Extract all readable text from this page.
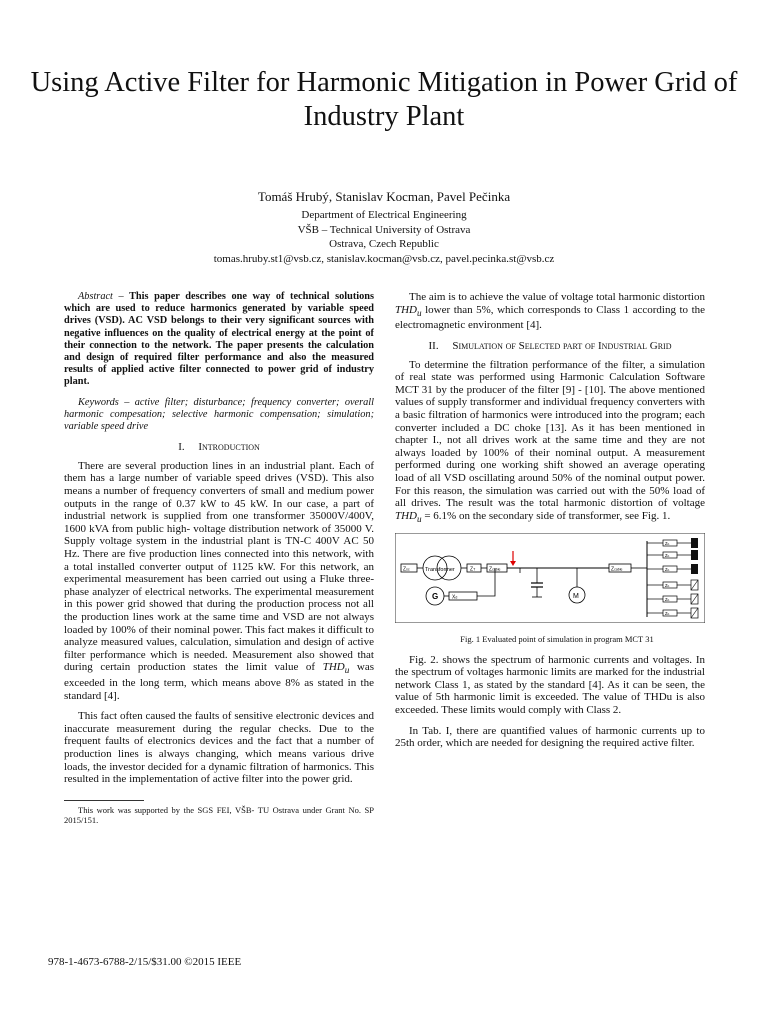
Using Active Filter for Harmonic Mitigation in Power Grid of Industry Plant
Tomáš Hrubý, Stanislav Kocman, Pavel Pečinka
Department of Electrical Engineering
VŠB – Technical University of Ostrava
Ostrava, Czech Republic
tomas.hruby.st1@vsb.cz, stanislav.kocman@vsb.cz, pavel.pecinka.st@vsb.cz

Abstract – This paper describes one way of technical solutions which are used to reduce harmonics generated by variable speed drives (VSD). AC VSD belongs to their very significant sources with negative influences on the quality of electrical energy at the point of their connection to the network. The paper presents the calculation and design of required filter performance and also the measured results of applied active filter connected to power grid of industry plant.

Keywords – active filter; disturbance; frequency converter; overall harmonic compesation; selective harmonic compensation; simulation; variable speed drive

I. Introduction

There are several production lines in an industrial plant. Each of them has a large number of variable speed drives (VSD). This also means a number of frequency converters of small and medium power outputs in the range of 0.37 kW to 45 kW. In our case, a part of industrial network is supplied from one transformer 35000V/400V, 1600 kVA from public high- voltage distribution network of 35000 V. Supply voltage system in the industrial plant is TN-C 400V AC 50 Hz. There are five production lines connected into this network, with a total installed converter output of 1125 kW. For this network, an experimental measurement has been carried out using a Fluke three-phase analyzer of electrical networks. The experimental measurement in this power grid showed that during the production process not all the production lines work at the same time and VSD are not always loaded by 100% of their nominal power. This fact makes it difficult to analyze measured values, calculation, simulation and design of active filter performance which is needed. Measurement also showed that during certain production states the limit value of $THD_u$ was exceeded in the long term, which means above 8% as stated in the standard [4].

This fact often caused the faults of sensitive electronic devices and inaccurate measurement during the regular checks. Due to the frequent faults of electronics devices and the fact that a number of production lines is always changing, which means various drive loads, the investor decided for a dynamic filtration of harmonics. This resulted in the implementation of active filter into the power grid.

This work was supported by the SGS FEI, VŠB- TU Ostrava under Grant No. SP 2015/151.

The aim is to achieve the value of voltage total harmonic distortion $THD_u$ lower than 5%, which corresponds to Class 1 according to the electromagnetic environment [4].

II. Simulation of Selected part of Industrial Grid

To determine the filtration performance of the filter, a simulation of real state was performed using Harmonic Calculation Software MCT 31 by the producer of the filter [9] - [10]. The above mentioned values of supply transformer and individual frequency converters with a basic filtration of harmonics were introduced into the program; each converter included a DC choke [13]. As it has been mentioned in chapter I., not all drives work at the same time and they are not always loaded by 100% of their nominal output. A measurement performed during one working shift showed an average operating load of all VSD oscillating around 50% of the nominal output power. For this reason, the simulation was carried out with the 50% load of all drives. The result was the total harmonic distortion of voltage $THD_u = 6.1\%$ on the secondary side of transformer, see Fig. 1.

Zsc	Transformer	ZT	Zcable
G	Xd	M
Zcable
Zb
Zb
Zb
Zb
Zb
Zb

Fig. 1 Evaluated point of simulation in program MCT 31

Fig. 2. shows the spectrum of harmonic currents and voltages. In the spectrum of voltages harmonic limits are marked for the industrial network Class 1, as stated by the standard [4]. As it can be seen, the value of 5th harmonic limit is exceeded. The value of THDu is also exceeded. These limits would comply with Class 2.

In Tab. I, there are quantified values of harmonic currents up to 25th order, which are needed for designing the required active filter.

978-1-4673-6788-2/15/$31.00 ©2015 IEEE
